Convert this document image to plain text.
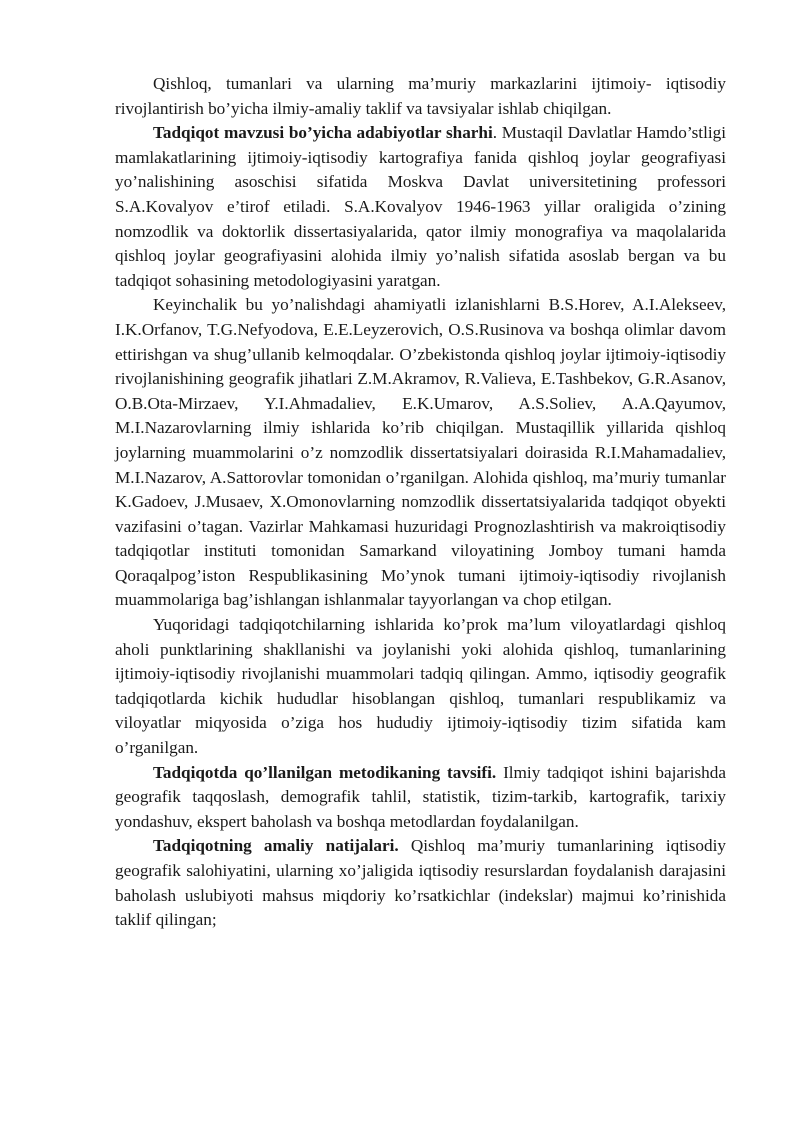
Qishloq, tumanlari va ularning ma’muriy markazlarini ijtimoiy- iqtisodiy rivojlantirish bo’yicha ilmiy-amaliy taklif va tavsiyalar ishlab chiqilgan.

Tadqiqot mavzusi bo’yicha adabiyotlar sharhi. Mustaqil Davlatlar Hamdo’stligi mamlakatlarining ijtimoiy-iqtisodiy kartografiya fanida qishloq joylar geografiyasi yo’nalishining asoschisi sifatida Moskva Davlat universitetining professori S.A.Kovalyov e’tirof etiladi. S.A.Kovalyov 1946-1963 yillar oraligida o’zining nomzodlik va doktorlik dissertasiyalarida, qator ilmiy monografiya va maqolalarida qishloq joylar geografiyasini alohida ilmiy yo’nalish sifatida asoslab bergan va bu tadqiqot sohasining metodologiyasini yaratgan.

Keyinchalik bu yo’nalishdagi ahamiyatli izlanishlarni B.S.Horev, A.I.Alekseev, I.K.Orfanov, T.G.Nefyodova, E.E.Leyzerovich, O.S.Rusinova va boshqa olimlar davom ettirishgan va shug’ullanib kelmoqdalar. O’zbekistonda qishloq joylar ijtimoiy-iqtisodiy rivojlanishining geografik jihatlari Z.M.Akramov, R.Valieva, E.Tashbekov, G.R.Asanov, O.B.Ota-Mirzaev, Y.I.Ahmadaliev, E.K.Umarov, A.S.Soliev, A.A.Qayumov, M.I.Nazarovlarning ilmiy ishlarida ko’rib chiqilgan. Mustaqillik yillarida qishloq joylarning muammolarini o’z nomzodlik dissertatsiyalari doirasida R.I.Mahamadaliev, M.I.Nazarov, A.Sattorovlar tomonidan o’rganilgan. Alohida qishloq, ma’muriy tumanlar K.Gadoev, J.Musaev, X.Omonovlarning nomzodlik dissertatsiyalarida tadqiqot obyekti vazifasini o’tagan. Vazirlar Mahkamasi huzuridagi Prognozlashtirish va makroiqtisodiy tadqiqotlar instituti tomonidan Samarkand viloyatining Jomboy tumani hamda Qoraqalpog’iston Respublikasining Mo’ynok tumani ijtimoiy-iqtisodiy rivojlanish muammolariga bag’ishlangan ishlanmalar tayyorlangan va chop etilgan.

Yuqoridagi tadqiqotchilarning ishlarida ko’prok ma’lum viloyatlardagi qishloq aholi punktlarining shakllanishi va joylanishi yoki alohida qishloq, tumanlarining ijtimoiy-iqtisodiy rivojlanishi muammolari tadqiq qilingan. Ammo, iqtisodiy geografik tadqiqotlarda kichik hududlar hisoblangan qishloq, tumanlari respublikamiz va viloyatlar miqyosida o’ziga hos hududiy ijtimoiy-iqtisodiy tizim sifatida kam o’rganilgan.

Tadqiqotda qo’llanilgan metodikaning tavsifi. Ilmiy tadqiqot ishini bajarishda geografik taqqoslash, demografik tahlil, statistik, tizim-tarkib, kartografik, tarixiy yondashuv, ekspert baholash va boshqa metodlardan foydalanilgan.

Tadqiqotning amaliy natijalari. Qishloq ma’muriy tumanlarining iqtisodiy geografik salohiyatini, ularning xo’jaligida iqtisodiy resurslardan foydalanish darajasini baholash uslubiyoti mahsus miqdoriy ko’rsatkichlar (indekslar) majmui ko’rinishida taklif qilingan;
